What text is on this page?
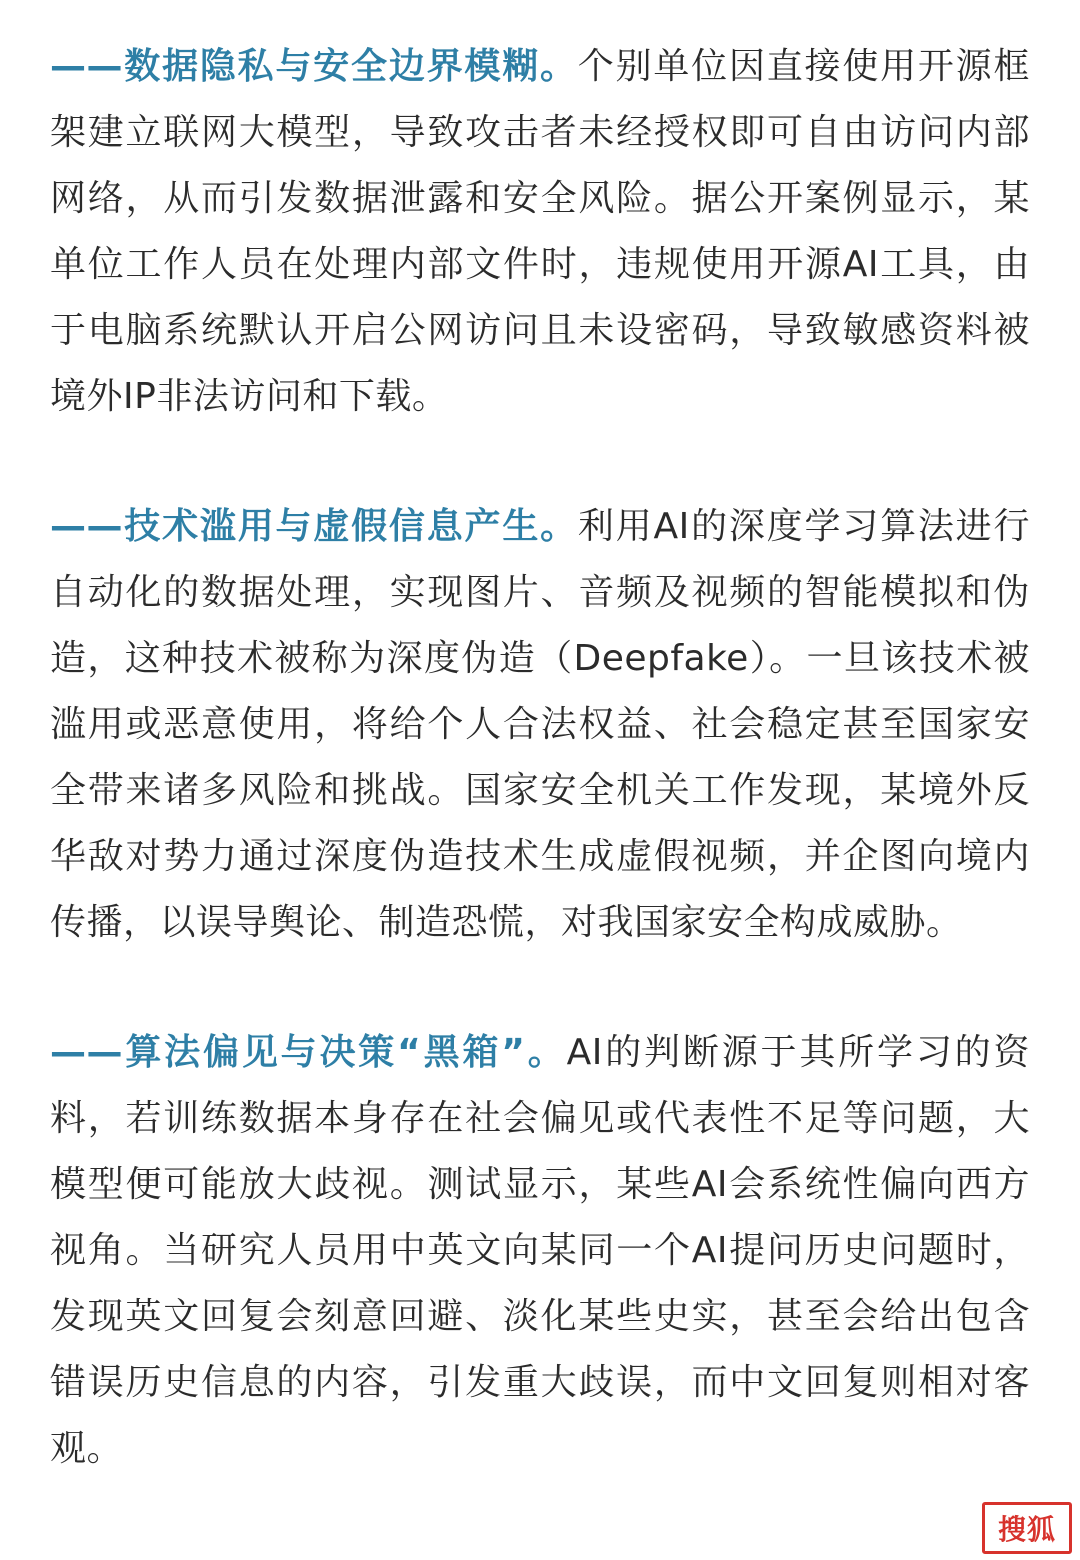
——数据隐私与安全边界模糊。个别单位因直接使用开源框架建立联网大模型，导致攻击者未经授权即可自由访问内部网络，从而引发数据泄露和安全风险。据公开案例显示，某单位工作人员在处理内部文件时，违规使用开源AI工具，由于电脑系统默认开启公网访问且未设密码，导致敏感资料被境外IP非法访问和下载。

——技术滥用与虚假信息产生。利用AI的深度学习算法进行自动化的数据处理，实现图片、音频及视频的智能模拟和伪造，这种技术被称为深度伪造（Deepfake）。一旦该技术被滥用或恶意使用，将给个人合法权益、社会稳定甚至国家安全带来诸多风险和挑战。国家安全机关工作发现，某境外反华敌对势力通过深度伪造技术生成虚假视频，并企图向境内传播，以误导舆论、制造恐慌，对我国家安全构成威胁。

——算法偏见与决策“黑箱”。AI的判断源于其所学习的资料，若训练数据本身存在社会偏见或代表性不足等问题，大模型便可能放大歧视。测试显示，某些AI会系统性偏向西方视角。当研究人员用中英文向某同一个AI提问历史问题时，发现英文回复会刻意回避、淡化某些史实，甚至会给出包含错误历史信息的内容，引发重大歧误，而中文回复则相对客观。

搜狐
